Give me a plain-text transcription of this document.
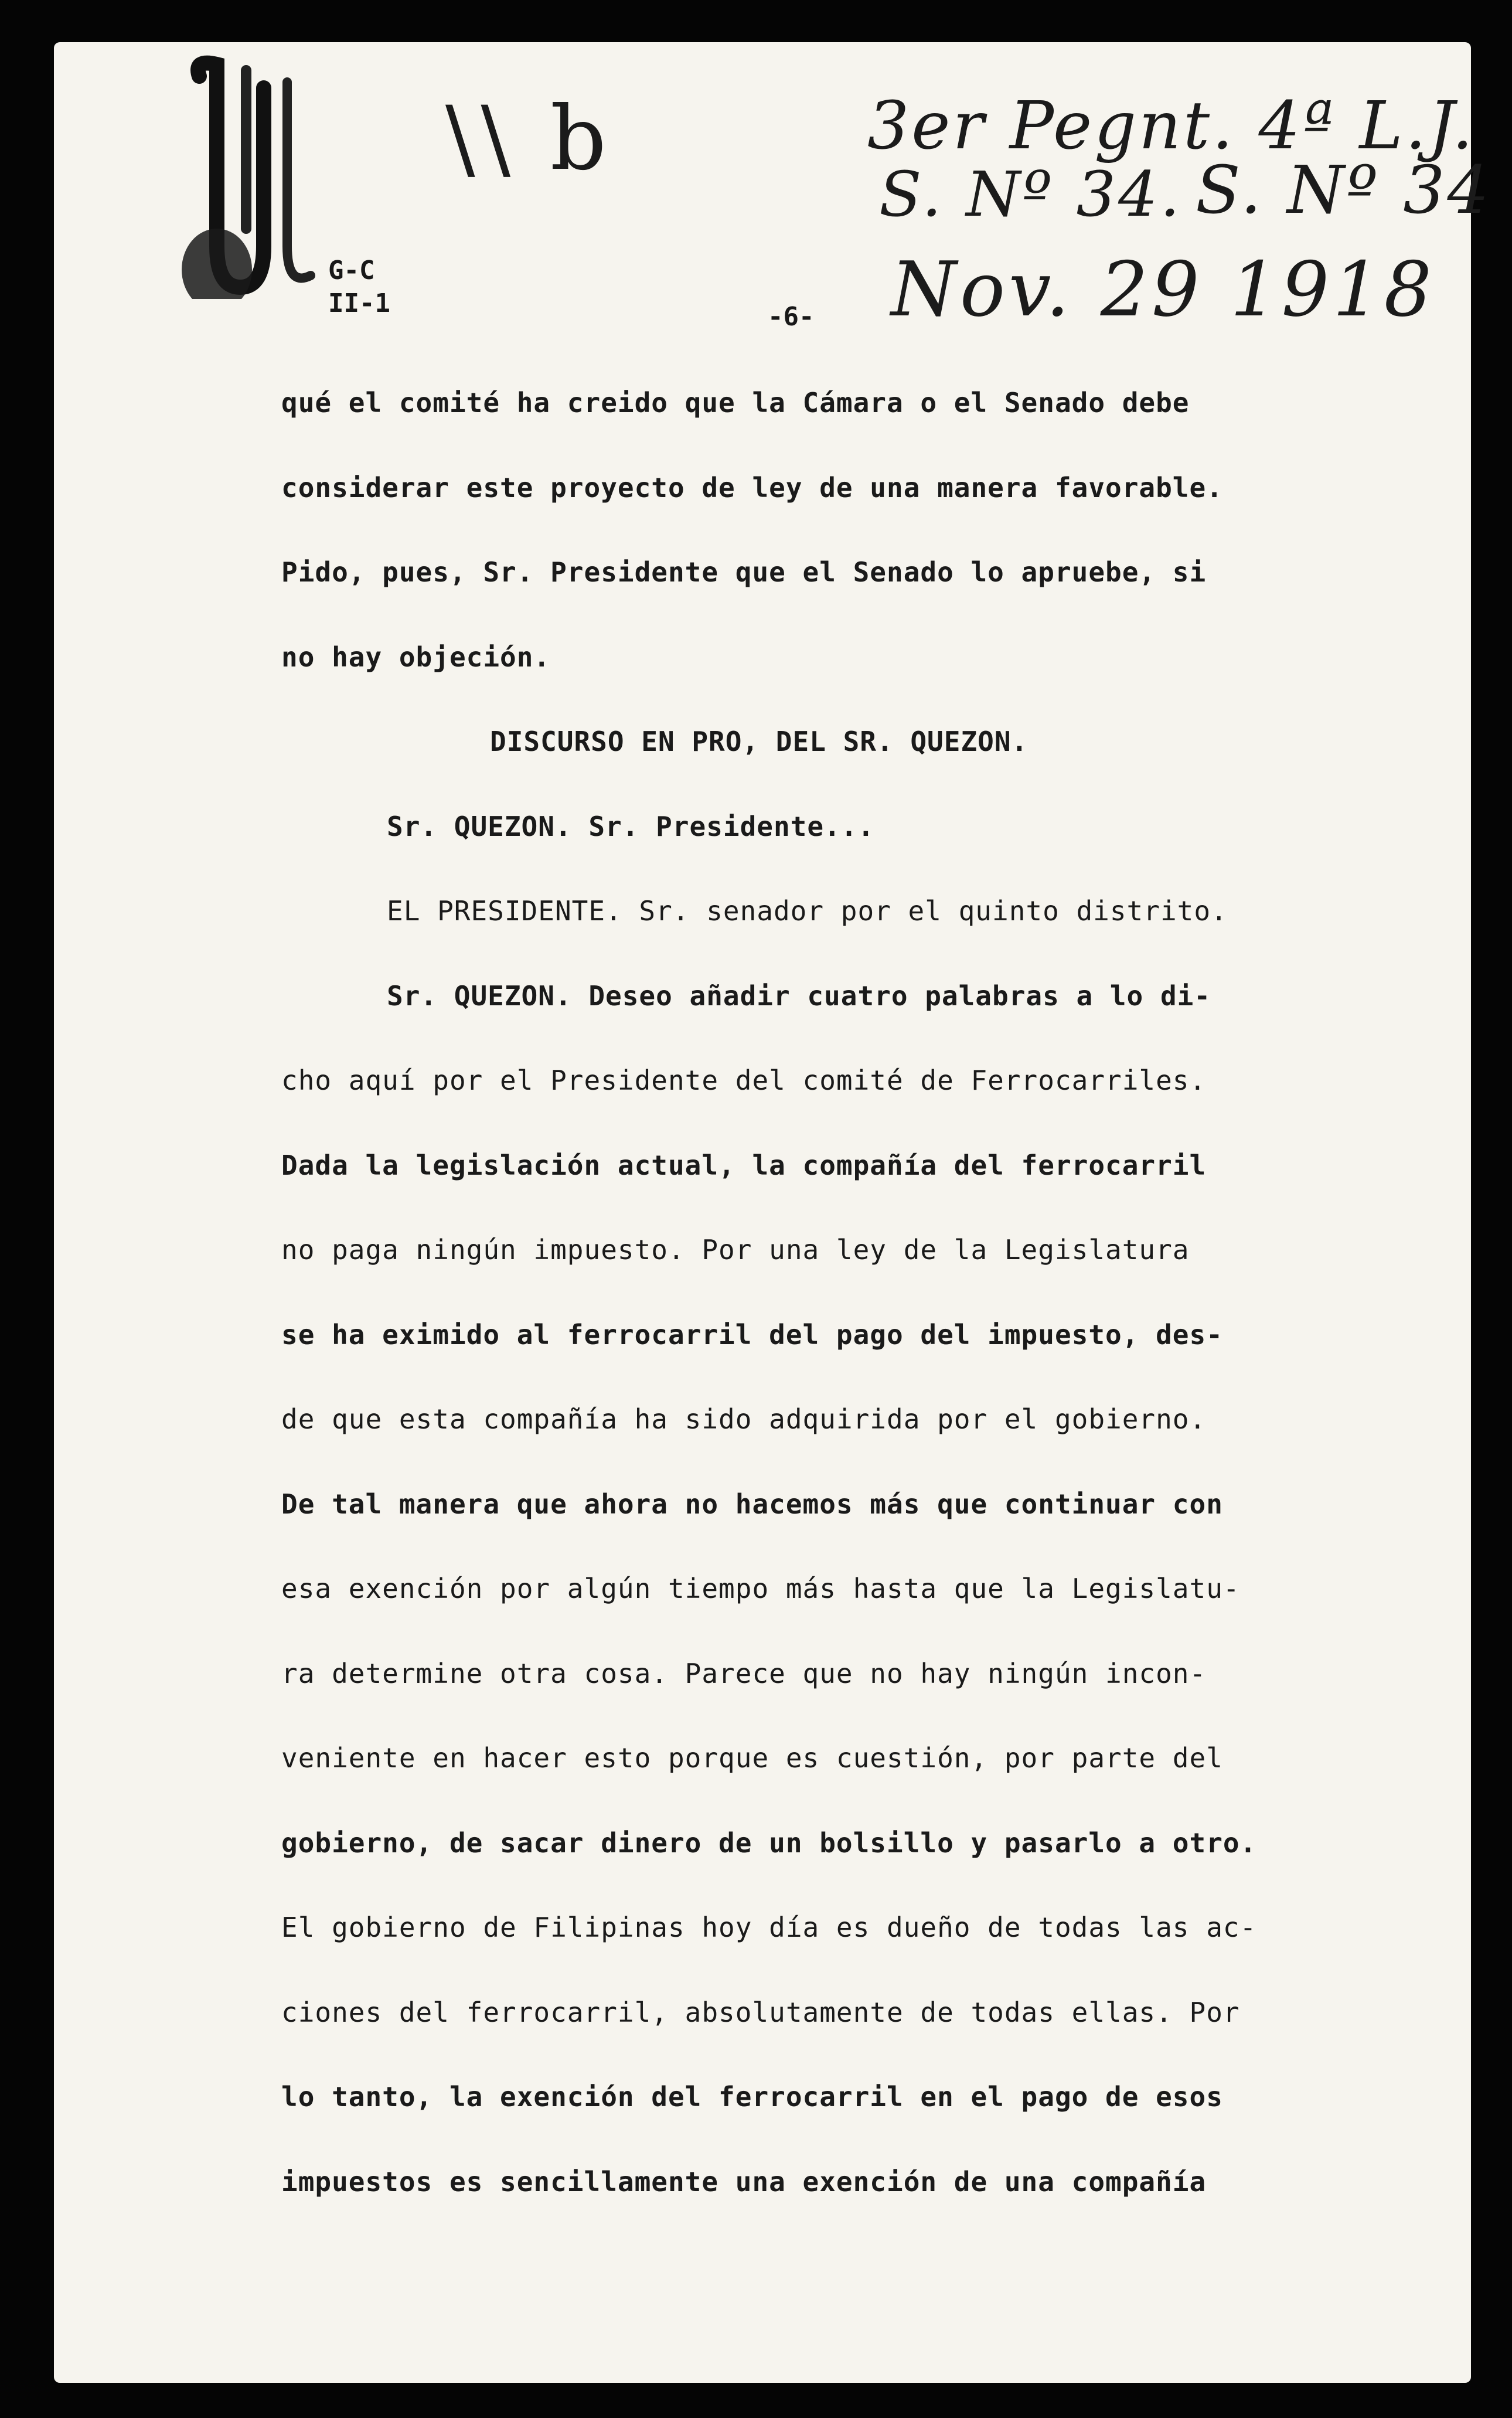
\\ b	3er Pegnt. 4ª L.J.
S. Nº 34. S. Nº 34
Nov. 29 1918
G-C
II-1	-6-
qué el comité ha creido que la Cámara o el Senado debe
considerar este proyecto de ley de una manera favorable.
Pido, pues, Sr. Presidente que el Senado lo apruebe, si
no hay objeción.
DISCURSO EN PRO, DEL SR. QUEZON.
Sr. QUEZON. Sr. Presidente...
EL PRESIDENTE. Sr. senador por el quinto distrito.
Sr. QUEZON. Deseo añadir cuatro palabras a lo di-
cho aquí por el Presidente del comité de Ferrocarriles.
Dada la legislación actual, la compañía del ferrocarril
no paga ningún impuesto. Por una ley de la Legislatura
se ha eximido al ferrocarril del pago del impuesto, des-
de que esta compañía ha sido adquirida por el gobierno.
De tal manera que ahora no hacemos más que continuar con
esa exención por algún tiempo más hasta que la Legislatu-
ra determine otra cosa. Parece que no hay ningún incon-
veniente en hacer esto porque es cuestión, por parte del
gobierno, de sacar dinero de un bolsillo y pasarlo a otro.
El gobierno de Filipinas hoy día es dueño de todas las ac-
ciones del ferrocarril, absolutamente de todas ellas. Por
lo tanto, la exención del ferrocarril en el pago de esos
impuestos es sencillamente una exención de una compañía
